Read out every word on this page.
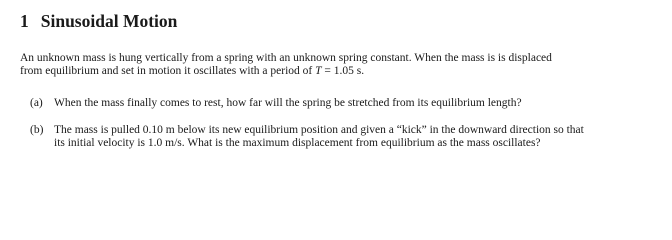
1 Sinusoidal Motion

An unknown mass is hung vertically from a spring with an unknown spring constant. When the mass is is displaced
from equilibrium and set in motion it oscillates with a period of T = 1.05 s.

(a) When the mass finally comes to rest, how far will the spring be stretched from its equilibrium length?
(b) The mass is pulled 0.10 m below its new equilibrium position and given a “kick” in the downward direction so that
its initial velocity is 1.0 m/s. What is the maximum displacement from equilibrium as the mass oscillates?
